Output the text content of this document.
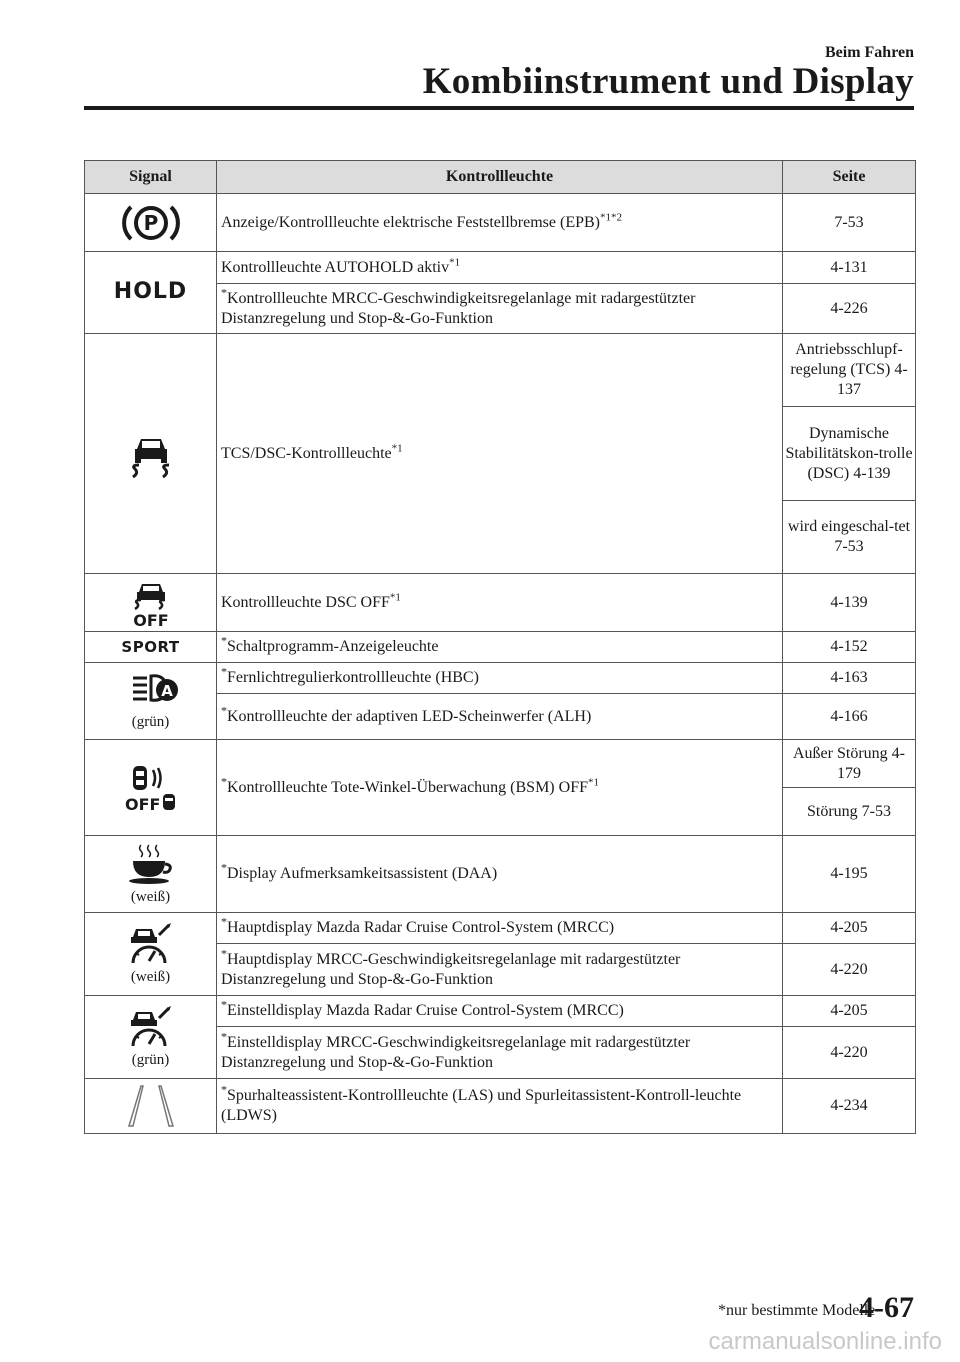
Beim Fahren
Kombiinstrument und Display
Signal	Kontrollleuchte	Seite

P	Anzeige/Kontrollleuchte elektrische Feststellbremse (EPB)$^{*1*2}$	7-53
HOLD	Kontrollleuchte AUTOHOLD aktiv$^{*1}$	4-131
	*Kontrollleuchte MRCC-Geschwindigkeitsregelanlage mit radargestützter Distanzregelung und Stop-&-Go-Funktion	4-226

	TCS/DSC-Kontrollleuchte$^{*1}$	Antriebsschlupf-regelung (TCS) 4-137
		Dynamische Stabilitätskon-trolle (DSC) 4-139
		wird eingeschal-tet 7-53

OFF	Kontrollleuchte DSC OFF$^{*1}$	4-139
SPORT	*Schaltprogramm-Anzeigeleuchte	4-152

A
(grün)	*Fernlichtregulierkontrollleuchte (HBC)	4-163
	*Kontrollleuchte der adaptiven LED-Scheinwerfer (ALH)	4-166

OFF	*Kontrollleuchte Tote-Winkel-Überwachung (BSM) OFF$^{*1}$	Außer Störung 4-179
		Störung 7-53

(weiß)	*Display Aufmerksamkeitsassistent (DAA)	4-195

(weiß)	*Hauptdisplay Mazda Radar Cruise Control-System (MRCC)	4-205
	*Hauptdisplay MRCC-Geschwindigkeitsregelanlage mit radargestützter Distanzregelung und Stop-&-Go-Funktion	4-220

(grün)	*Einstelldisplay Mazda Radar Cruise Control-System (MRCC)	4-205
	*Einstelldisplay MRCC-Geschwindigkeitsregelanlage mit radargestützter Distanzregelung und Stop-&-Go-Funktion	4-220

	*Spurhalteassistent-Kontrollleuchte (LAS) und Spurleitassistent-Kontroll-leuchte (LDWS)	4-234
*nur bestimmte Modelle
4-67
carmanualsonline.info
